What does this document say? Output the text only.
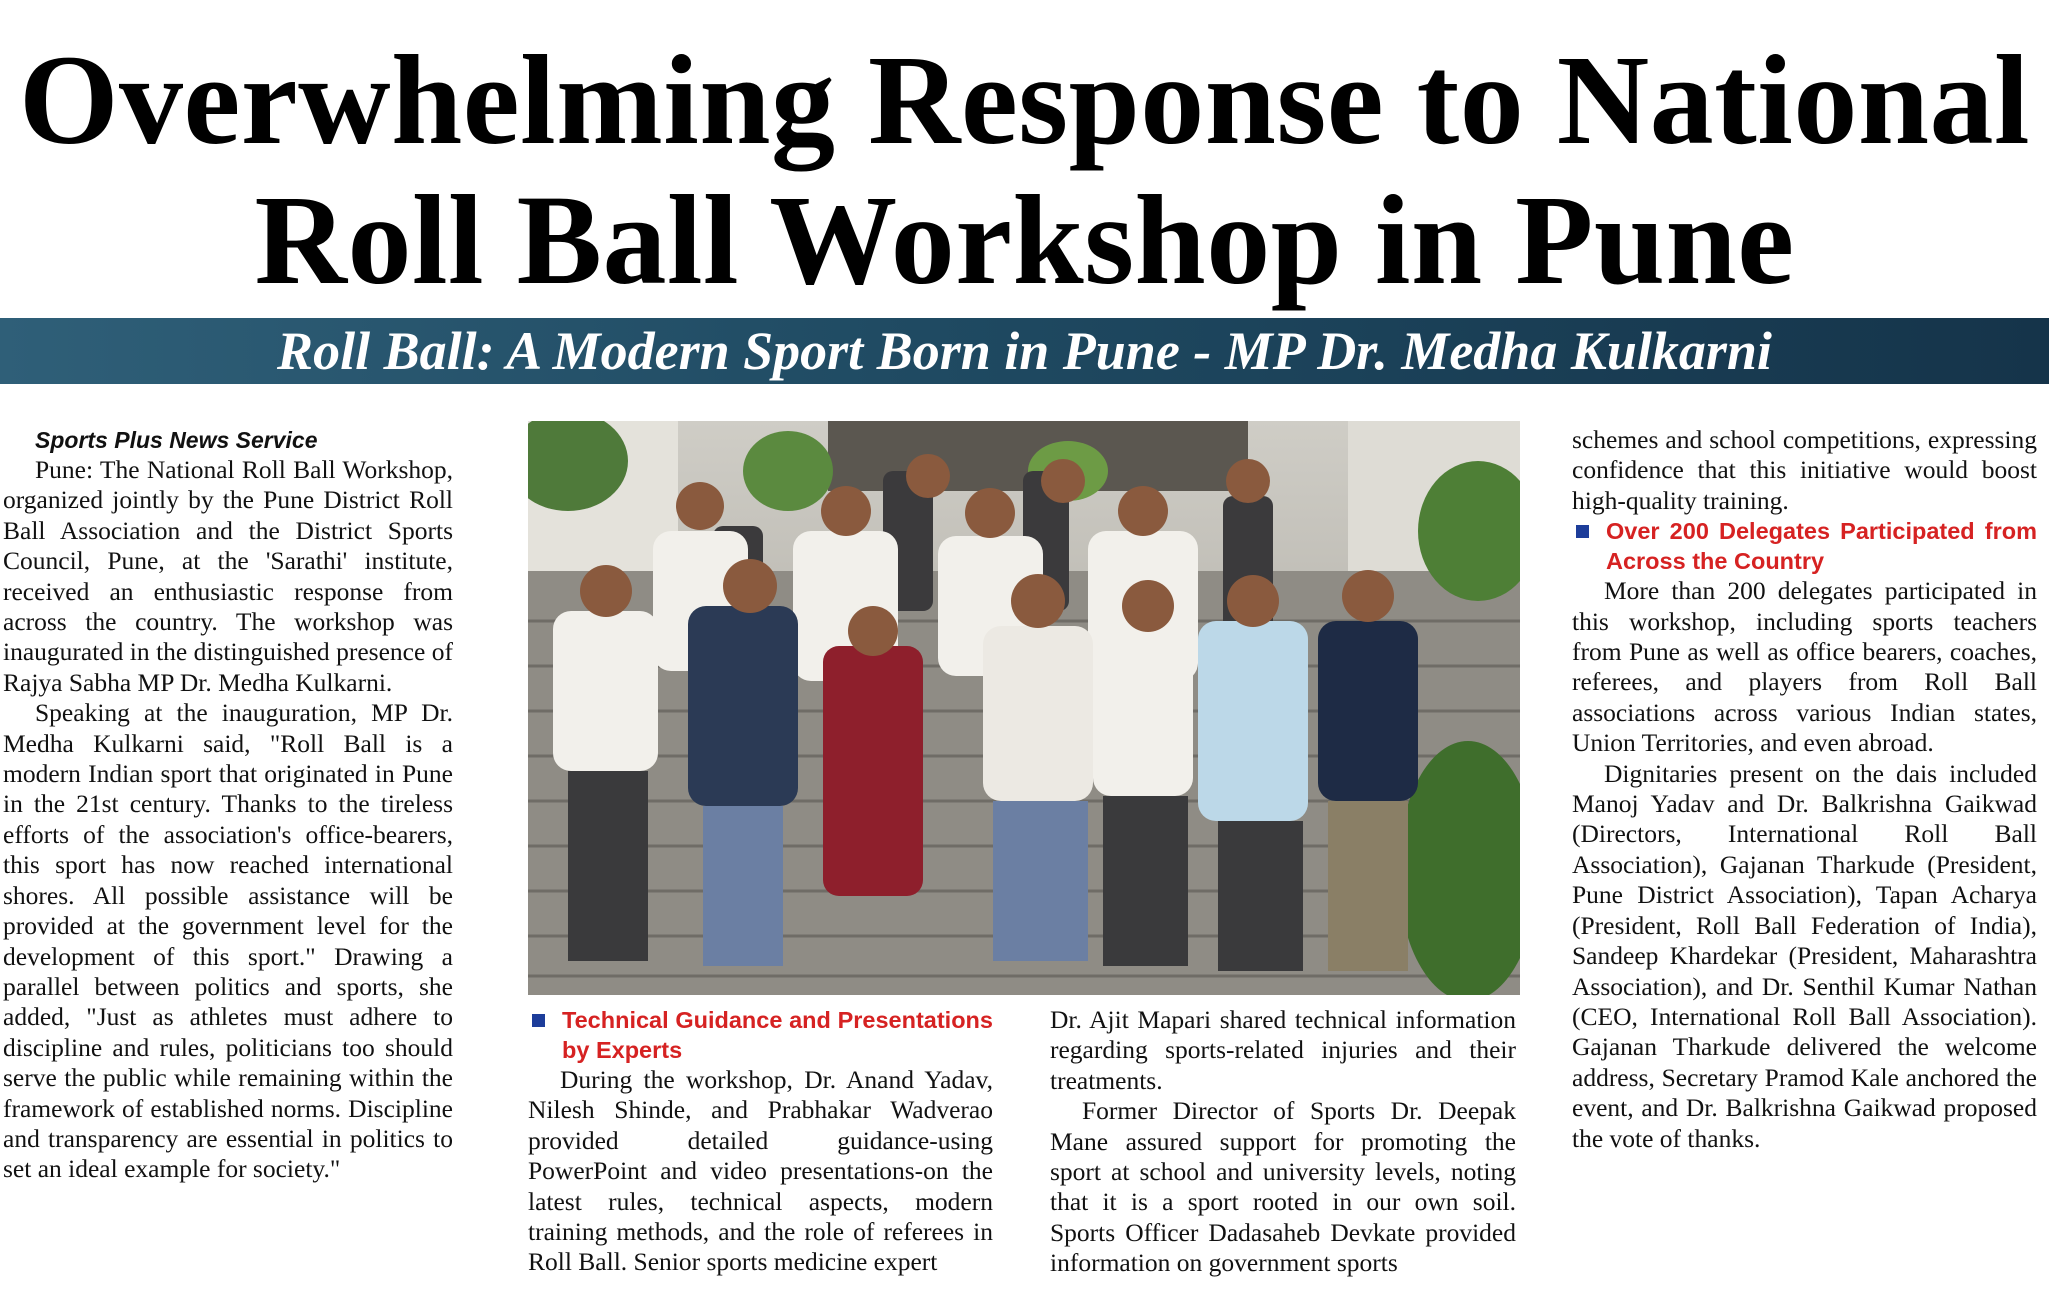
Overwhelming Response to National
Roll Ball Workshop in Pune
Roll Ball: A Modern Sport Born in Pune - MP Dr. Medha Kulkarni
Sports Plus News Service

Pune: The National Roll Ball Workshop, organized jointly by the Pune District Roll Ball Association and the District Sports Council, Pune, at the 'Sarathi' institute, received an enthusiastic response from across the country. The workshop was inaugurated in the distinguished presence of Rajya Sabha MP Dr. Medha Kulkarni.

Speaking at the inauguration, MP Dr. Medha Kulkarni said, "Roll Ball is a modern Indian sport that originated in Pune in the 21st century. Thanks to the tireless efforts of the association's office-bearers, this sport has now reached international shores. All possible assistance will be provided at the government level for the development of this sport." Drawing a parallel between politics and sports, she added, "Just as athletes must adhere to discipline and rules, politicians too should serve the public while remaining within the framework of established norms. Discipline and transparency are essential in politics to set an ideal example for society."

Technical Guidance and Presentations by Experts

During the workshop, Dr. Anand Yadav, Nilesh Shinde, and Prabhakar Wadverao provided detailed guidance-using PowerPoint and video presentations-on the latest rules, technical aspects, modern training methods, and the role of referees in Roll Ball. Senior sports medicine expert

Dr. Ajit Mapari shared technical information regarding sports-related injuries and their treatments.

Former Director of Sports Dr. Deepak Mane assured support for promoting the sport at school and university levels, noting that it is a sport rooted in our own soil. Sports Officer Dadasaheb Devkate provided information on government sports

schemes and school competitions, expressing confidence that this initiative would boost high-quality training.

Over 200 Delegates Participated from Across the Country

More than 200 delegates participated in this workshop, including sports teachers from Pune as well as office bearers, coaches, referees, and players from Roll Ball associations across various Indian states, Union Territories, and even abroad.

Dignitaries present on the dais included Manoj Yadav and Dr. Balkrishna Gaikwad (Directors, International Roll Ball Association), Gajanan Tharkude (President, Pune District Association), Tapan Acharya (President, Roll Ball Federation of India), Sandeep Khardekar (President, Maharashtra Association), and Dr. Senthil Kumar Nathan (CEO, International Roll Ball Association). Gajanan Tharkude delivered the welcome address, Secretary Pramod Kale anchored the event, and Dr. Balkrishna Gaikwad proposed the vote of thanks.
